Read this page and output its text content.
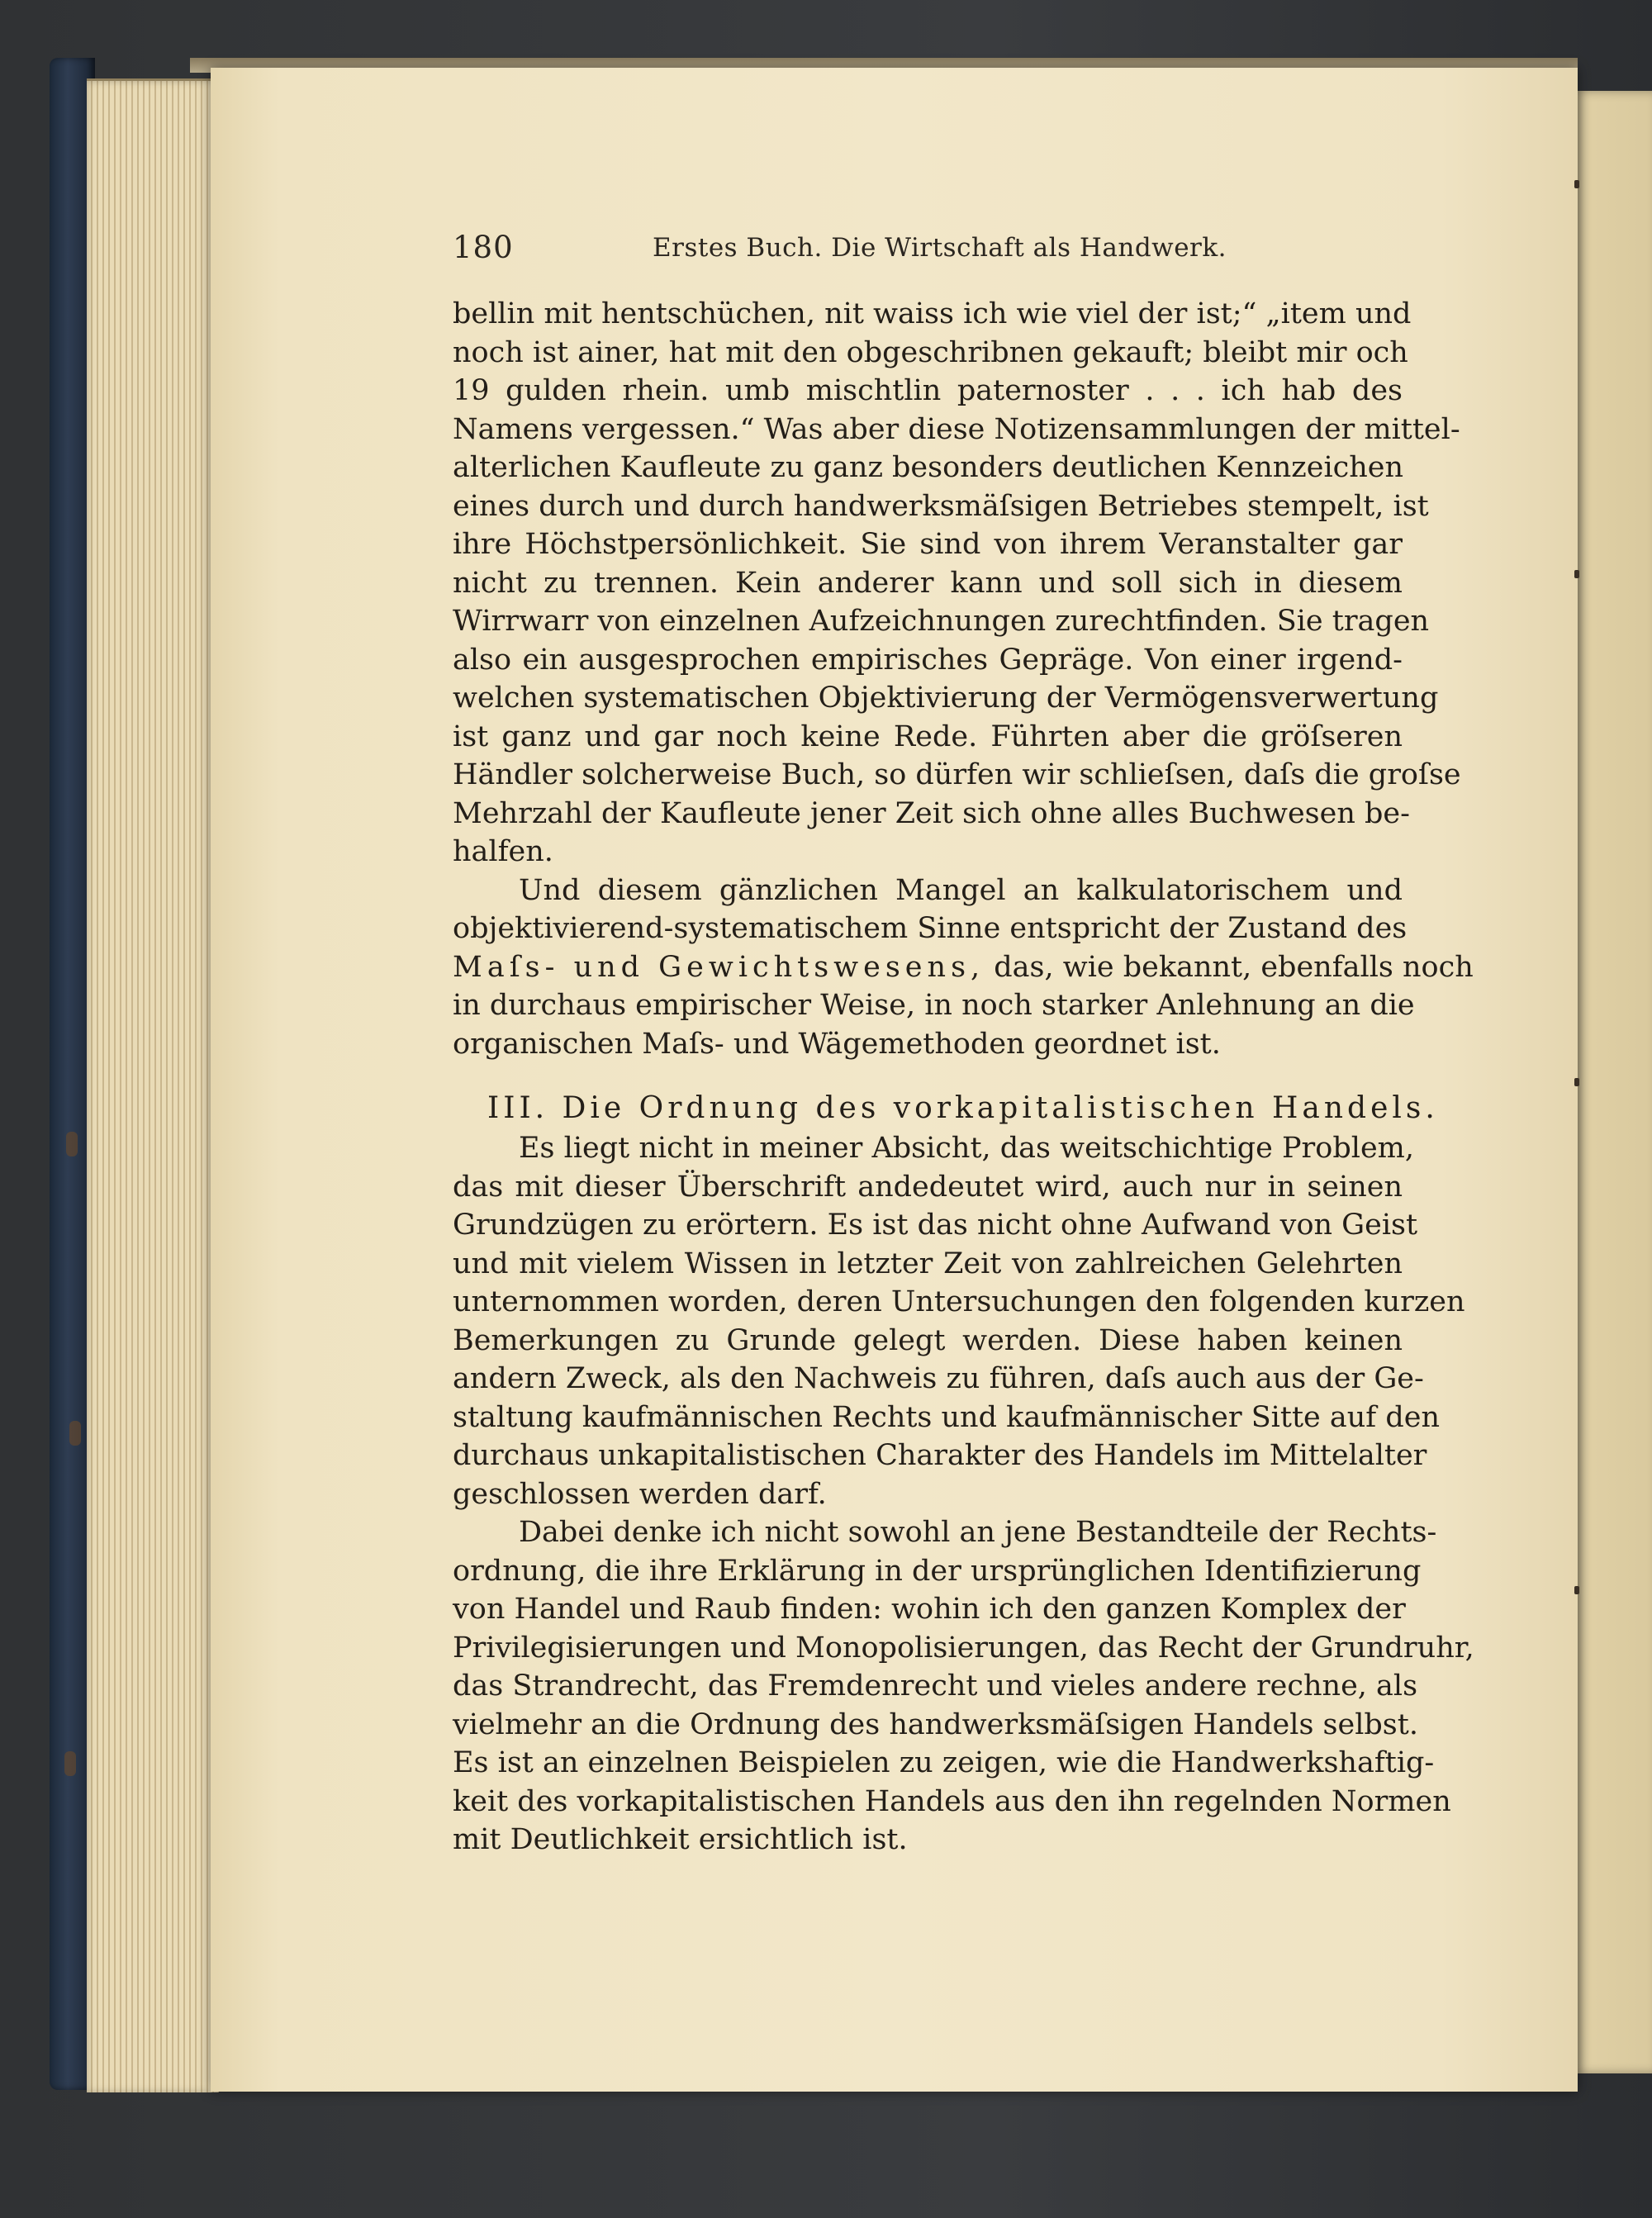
180	Erstes Buch. Die Wirtschaft als Handwerk.
bellin mit hentschüchen, nit waiss ich wie viel der ist;“ „item und
noch ist ainer, hat mit den obgeschribnen gekauft; bleibt mir och
19 gulden rhein. umb mischtlin paternoster . . . ich hab des
Namens vergessen.“ Was aber diese Notizensammlungen der mittel-
alterlichen Kaufleute zu ganz besonders deutlichen Kennzeichen
eines durch und durch handwerksmäſsigen Betriebes stempelt, ist
ihre Höchstpersönlichkeit. Sie sind von ihrem Veranstalter gar
nicht zu trennen. Kein anderer kann und soll sich in diesem
Wirrwarr von einzelnen Aufzeichnungen zurechtfinden. Sie tragen
also ein ausgesprochen empirisches Gepräge. Von einer irgend-
welchen systematischen Objektivierung der Vermögensverwertung
ist ganz und gar noch keine Rede. Führten aber die gröſseren
Händler solcherweise Buch, so dürfen wir schlieſsen, daſs die groſse
Mehrzahl der Kaufleute jener Zeit sich ohne alles Buchwesen be-
halfen.
Und diesem gänzlichen Mangel an kalkulatorischem und
objektivierend-systematischem Sinne entspricht der Zustand des
Maſs- und Gewichtswesens, das, wie bekannt, ebenfalls noch
in durchaus empirischer Weise, in noch starker Anlehnung an die
organischen Maſs- und Wägemethoden geordnet ist.
III. Die Ordnung des vorkapitalistischen Handels.
Es liegt nicht in meiner Absicht, das weitschichtige Problem,
das mit dieser Überschrift andedeutet wird, auch nur in seinen
Grundzügen zu erörtern. Es ist das nicht ohne Aufwand von Geist
und mit vielem Wissen in letzter Zeit von zahlreichen Gelehrten
unternommen worden, deren Untersuchungen den folgenden kurzen
Bemerkungen zu Grunde gelegt werden. Diese haben keinen
andern Zweck, als den Nachweis zu führen, daſs auch aus der Ge-
staltung kaufmännischen Rechts und kaufmännischer Sitte auf den
durchaus unkapitalistischen Charakter des Handels im Mittelalter
geschlossen werden darf.
Dabei denke ich nicht sowohl an jene Bestandteile der Rechts-
ordnung, die ihre Erklärung in der ursprünglichen Identifizierung
von Handel und Raub finden: wohin ich den ganzen Komplex der
Privilegisierungen und Monopolisierungen, das Recht der Grundruhr,
das Strandrecht, das Fremdenrecht und vieles andere rechne, als
vielmehr an die Ordnung des handwerksmäſsigen Handels selbst.
Es ist an einzelnen Beispielen zu zeigen, wie die Handwerkshaftig-
keit des vorkapitalistischen Handels aus den ihn regelnden Normen
mit Deutlichkeit ersichtlich ist.
